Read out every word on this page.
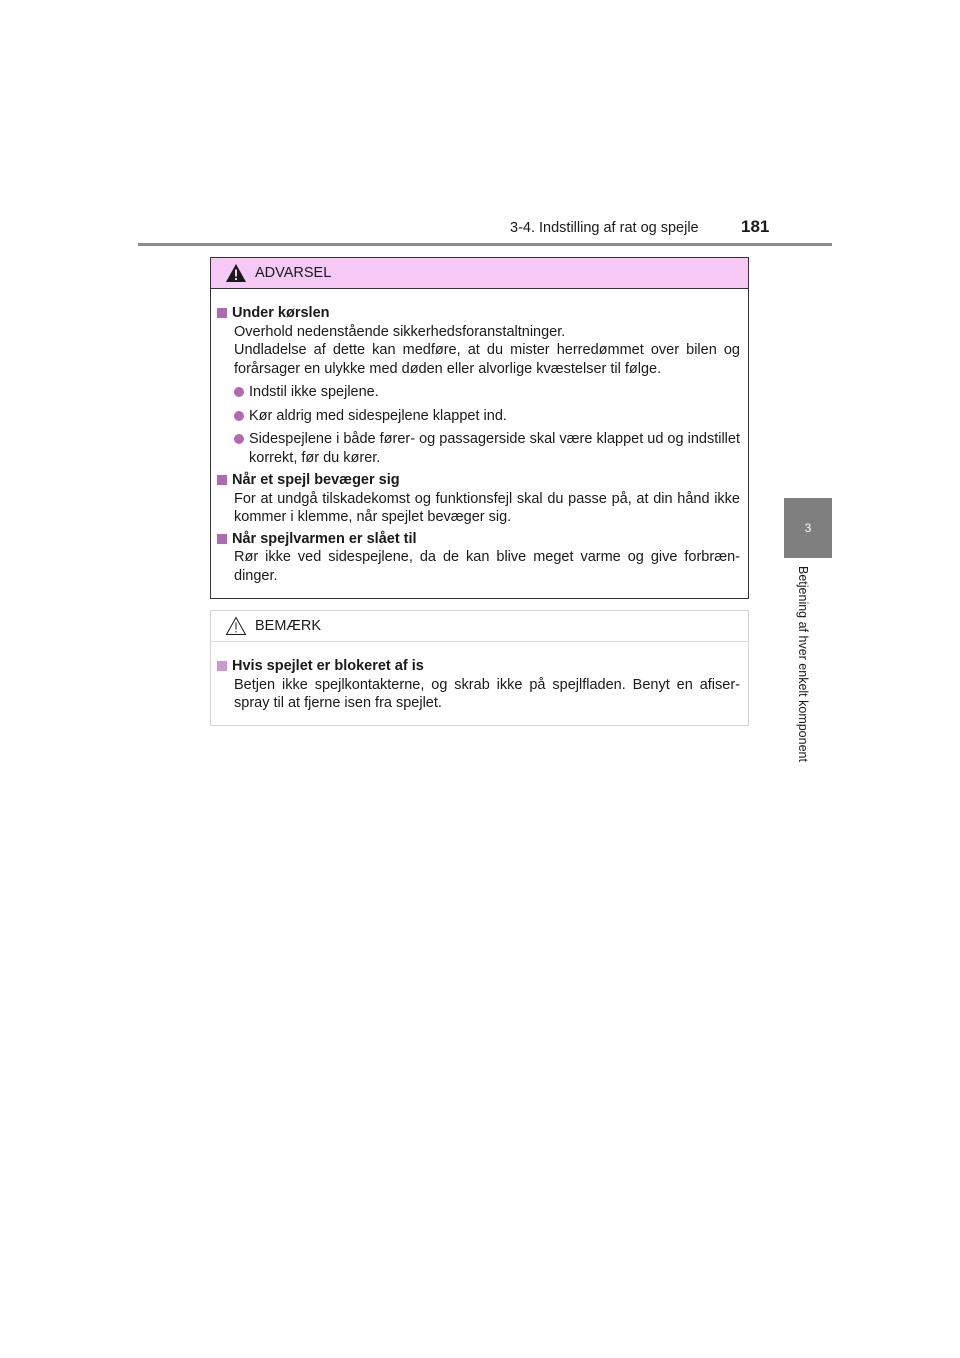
3-4. Indstilling af rat og spejle 181
3
Betjening af hver enkelt komponent
ADVARSEL
Under kørslen
Overhold nedenstående sikkerhedsforanstaltninger.
Undladelse af dette kan medføre, at du mister herredømmet over bilen og forårsager en ulykke med døden eller alvorlige kvæstelser til følge.
Indstil ikke spejlene.
Kør aldrig med sidespejlene klappet ind.
Sidespejlene i både fører- og passagerside skal være klappet ud og indstillet korrekt, før du kører.
Når et spejl bevæger sig
For at undgå tilskadekomst og funktionsfejl skal du passe på, at din hånd ikke kommer i klemme, når spejlet bevæger sig.
Når spejlvarmen er slået til
Rør ikke ved sidespejlene, da de kan blive meget varme og give forbræn-dinger.
BEMÆRK
Hvis spejlet er blokeret af is
Betjen ikke spejlkontakterne, og skrab ikke på spejlfladen. Benyt en afiser-spray til at fjerne isen fra spejlet.
